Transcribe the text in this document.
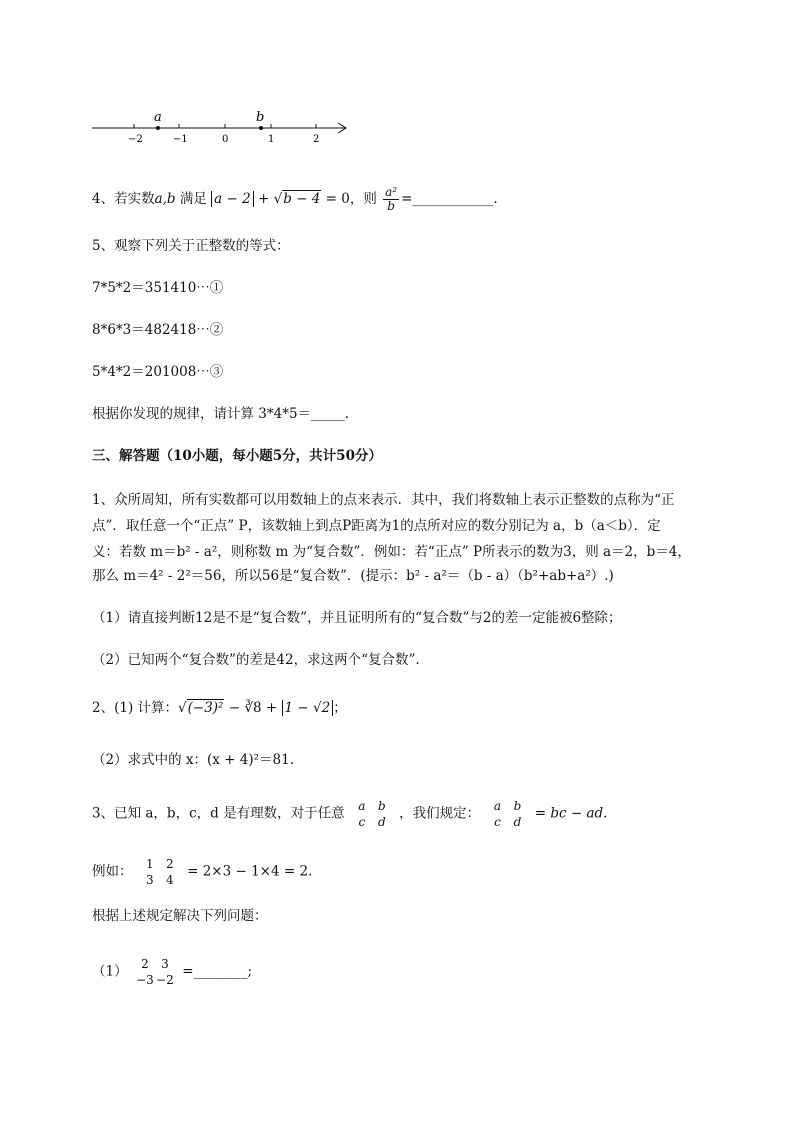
a	b
−2	−1	0	1	2
4、若实数a,b 满足 a − 2 + √b − 4 = 0，则 $\frac{\text{a²}}{b}$ =____________.
5、观察下列关于正整数的等式：
7*5*2＝351410⋯①
8*6*3＝482418⋯②
5*4*2＝201008⋯③
根据你发现的规律，请计算 3*4*5＝_____.
三、解答题（10小题，每小题5分，共计50分）
1、众所周知，所有实数都可以用数轴上的点来表示．其中，我们将数轴上表示正整数的点称为“正
点”．取任意一个“正点” P，该数轴上到点P距离为1的点所对应的数分别记为 a，b（a＜b）．定
义：若数 m＝b² - a²，则称数 m 为“复合数”．例如：若“正点” P所表示的数为3，则 a＝2，b＝4，
那么 m＝4² - 2²＝56，所以56是“复合数”．(提示：b² - a²＝（b - a）（b²+ab+a²）.)
（1）请直接判断12是不是“复合数”，并且证明所有的“复合数”与2的差一定能被6整除；
（2）已知两个“复合数”的差是42，求这两个“复合数”.
2、(1) 计算：√(−3)² − ∛8 + 1 − √2 ；
（2）求式中的 x：(x + 4)²＝81.
3、已知 a，b，c，d 是有理数，对于任意	a b
c d
，我们规定：	a b
c d
= bc − ad．
例如：	1 2
3 4
= 2×3 − 1×4 = 2．
根据上述规定解决下列问题：
（1）	2 3
−3 −2
=________;
